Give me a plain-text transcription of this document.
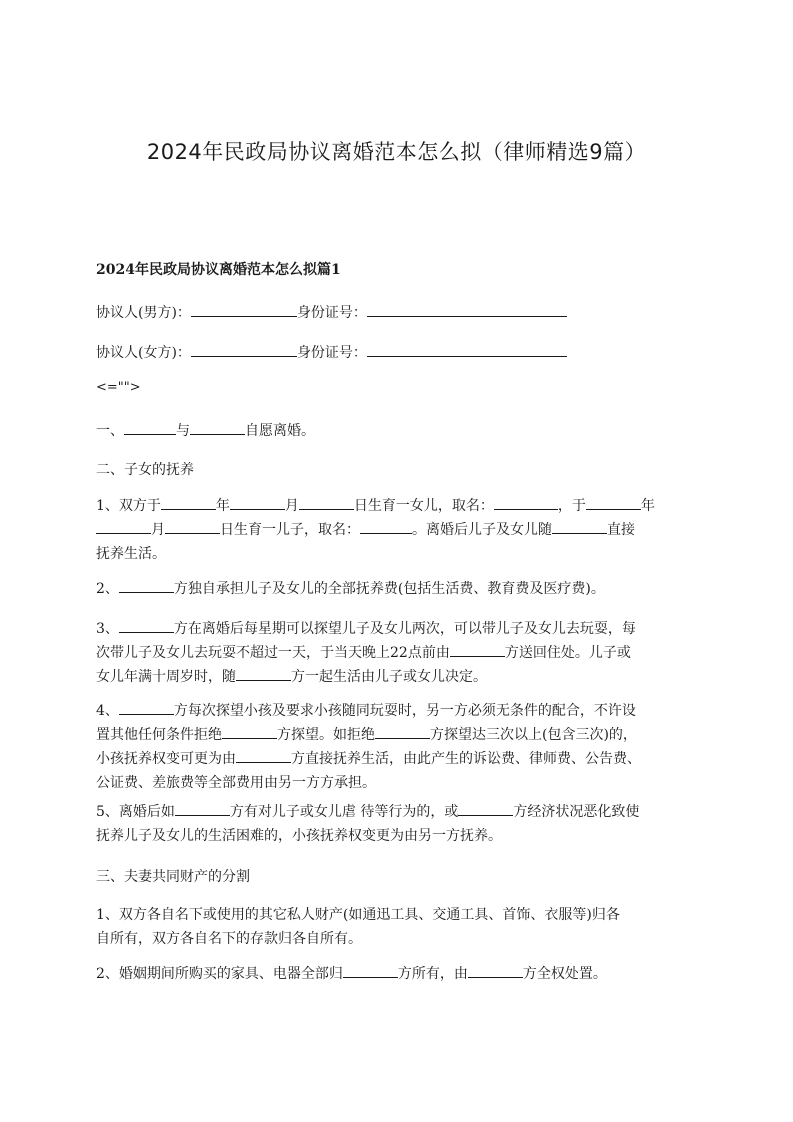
2024年民政局协议离婚范本怎么拟（律师精选9篇）
2024年民政局协议离婚范本怎么拟篇1
协议人(男方)：	身份证号：
协议人(女方)：	身份证号：
<="">
一、	与	自愿离婚。
二、子女的抚养
1、双方于	年	月	日生育一女儿，取名：	，于	年
月	日生育一儿子，取名：	。离婚后儿子及女儿随	直接
抚养生活。
2、	方独自承担儿子及女儿的全部抚养费(包括生活费、教育费及医疗费)。
3、	方在离婚后每星期可以探望儿子及女儿两次，可以带儿子及女儿去玩耍，每
次带儿子及女儿去玩耍不超过一天，于当天晚上22点前由	方送回住处。儿子或
女儿年满十周岁时，随	方一起生活由儿子或女儿决定。
4、	方每次探望小孩及要求小孩随同玩耍时，另一方必须无条件的配合，不许设
置其他任何条件拒绝	方探望。如拒绝	方探望达三次以上(包含三次)的，
小孩抚养权变可更为由	方直接抚养生活，由此产生的诉讼费、律师费、公告费、
公证费、差旅费等全部费用由另一方方承担。
5、离婚后如	方有对儿子或女儿虐 待等行为的，或	方经济状况恶化致使
抚养儿子及女儿的生活困难的，小孩抚养权变更为由另一方抚养。
三、夫妻共同财产的分割
1、双方各自名下或使用的其它私人财产(如通迅工具、交通工具、首饰、衣服等)归各
自所有，双方各自名下的存款归各自所有。
2、婚姻期间所购买的家具、电器全部归	方所有，由	方全权处置。
